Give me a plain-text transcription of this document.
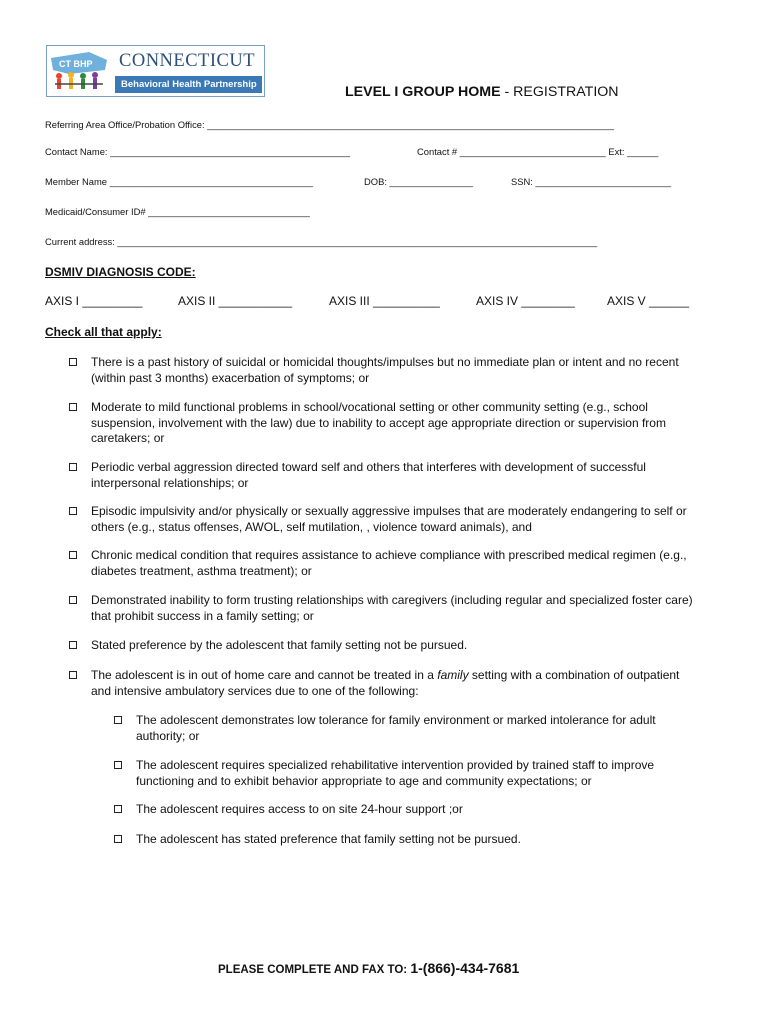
CT BHP CONNECTICUT
Behavioral Health Partnership	LEVEL I GROUP HOME - REGISTRATION
Referring Area Office/Probation Office: ______________________________________________________________________________
Contact Name: ______________________________________________	Contact # ____________________________ Ext: ______
Member Name _______________________________________	DOB: ________________	SSN: __________________________
Medicaid/Consumer ID# _______________________________
Current address: ____________________________________________________________________________________________
DSMIV DIAGNOSIS CODE:
AXIS I _________	AXIS II ___________	AXIS III __________	AXIS IV ________	AXIS V ______
Check all that apply:
There is a past history of suicidal or homicidal thoughts/impulses but no immediate plan or intent and no recent
(within past 3 months) exacerbation of symptoms; or
Moderate to mild functional problems in school/vocational setting or other community setting (e.g., school
suspension, involvement with the law) due to inability to accept age appropriate direction or supervision from
caretakers; or
Periodic verbal aggression directed toward self and others that interferes with development of successful
interpersonal relationships; or
Episodic impulsivity and/or physically or sexually aggressive impulses that are moderately endangering to self or
others (e.g., status offenses, AWOL, self mutilation, , violence toward animals), and
Chronic medical condition that requires assistance to achieve compliance with prescribed medical regimen (e.g.,
diabetes treatment, asthma treatment); or
Demonstrated inability to form trusting relationships with caregivers (including regular and specialized foster care)
that prohibit success in a family setting; or
Stated preference by the adolescent that family setting not be pursued.
The adolescent is in out of home care and cannot be treated in a family setting with a combination of outpatient
and intensive ambulatory services due to one of the following:
The adolescent demonstrates low tolerance for family environment or marked intolerance for adult
authority; or
The adolescent requires specialized rehabilitative intervention provided by trained staff to improve
functioning and to exhibit behavior appropriate to age and community expectations; or
The adolescent requires access to on site 24-hour support ;or
The adolescent has stated preference that family setting not be pursued.
PLEASE COMPLETE AND FAX TO: 1-(866)-434-7681
